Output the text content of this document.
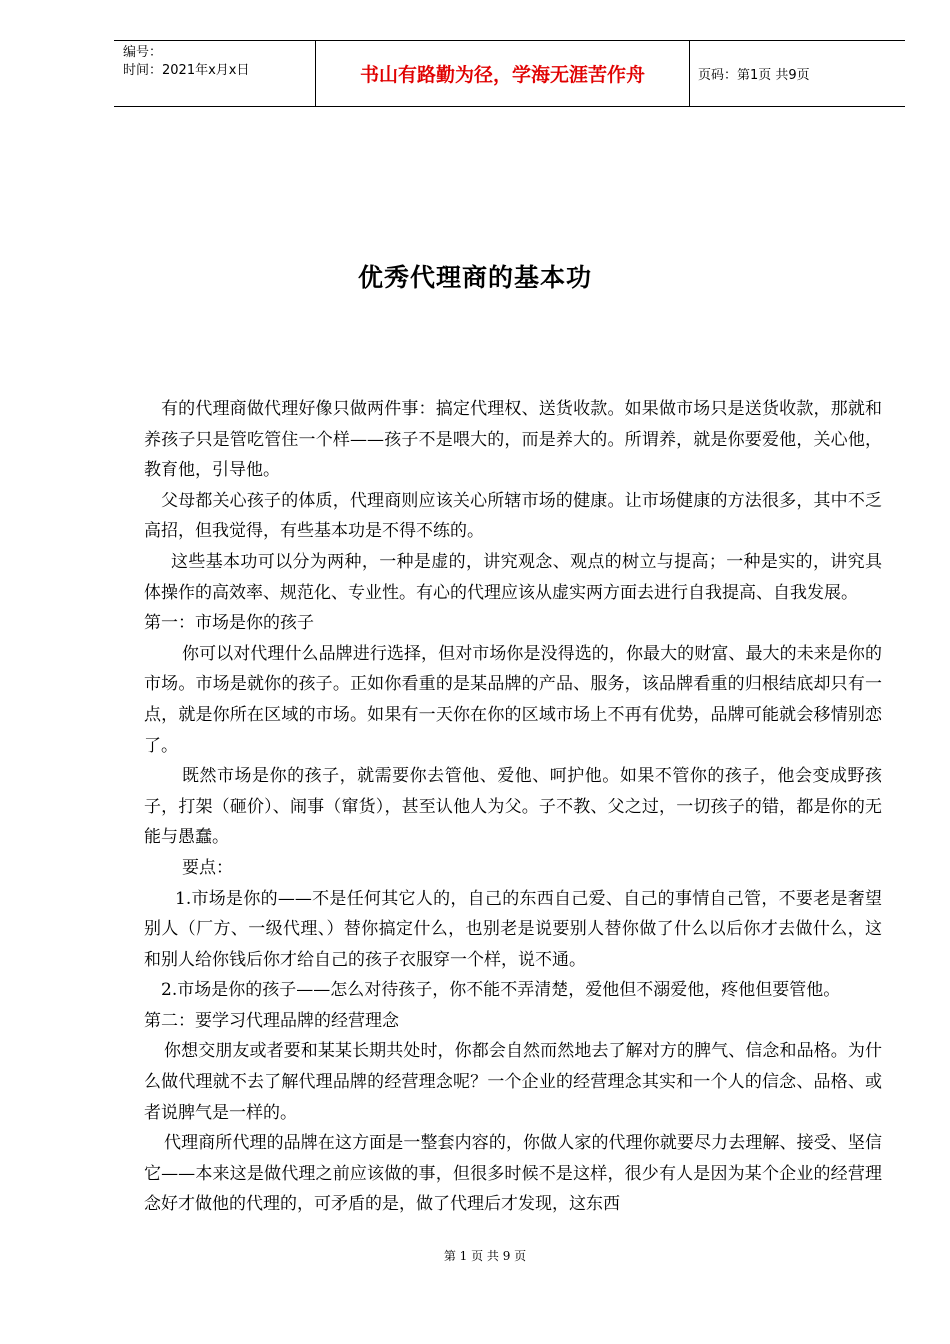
编号：
时间：2021年x月x日	书山有路勤为径，学海无涯苦作舟	页码：第1页 共9页
优秀代理商的基本功

有的代理商做代理好像只做两件事：搞定代理权、送货收款。如果做市场只是送货收款，那就和养孩子只是管吃管住一个样——孩子不是喂大的，而是养大的。所谓养，就是你要爱他，关心他，教育他，引导他。

父母都关心孩子的体质，代理商则应该关心所辖市场的健康。让市场健康的方法很多，其中不乏高招，但我觉得，有些基本功是不得不练的。

这些基本功可以分为两种，一种是虚的，讲究观念、观点的树立与提高；一种是实的，讲究具体操作的高效率、规范化、专业性。有心的代理应该从虚实两方面去进行自我提高、自我发展。

第一：市场是你的孩子

你可以对代理什么品牌进行选择，但对市场你是没得选的，你最大的财富、最大的未来是你的市场。市场是就你的孩子。正如你看重的是某品牌的产品、服务，该品牌看重的归根结底却只有一点，就是你所在区域的市场。如果有一天你在你的区域市场上不再有优势，品牌可能就会移情别恋了。

既然市场是你的孩子，就需要你去管他、爱他、呵护他。如果不管你的孩子，他会变成野孩子，打架（砸价）、闹事（窜货），甚至认他人为父。子不教、父之过，一切孩子的错，都是你的无能与愚蠢。

要点：

1.市场是你的——不是任何其它人的，自己的东西自己爱、自己的事情自己管，不要老是奢望别人（厂方、一级代理、）替你搞定什么，也别老是说要别人替你做了什么以后你才去做什么，这和别人给你钱后你才给自己的孩子衣服穿一个样，说不通。

2.市场是你的孩子——怎么对待孩子，你不能不弄清楚，爱他但不溺爱他，疼他但要管他。

第二：要学习代理品牌的经营理念

你想交朋友或者要和某某长期共处时，你都会自然而然地去了解对方的脾气、信念和品格。为什么做代理就不去了解代理品牌的经营理念呢？一个企业的经营理念其实和一个人的信念、品格、或者说脾气是一样的。

代理商所代理的品牌在这方面是一整套内容的，你做人家的代理你就要尽力去理解、接受、坚信它——本来这是做代理之前应该做的事，但很多时候不是这样，很少有人是因为某个企业的经营理念好才做他的代理的，可矛盾的是，做了代理后才发现，这东西

第 1 页 共 9 页
